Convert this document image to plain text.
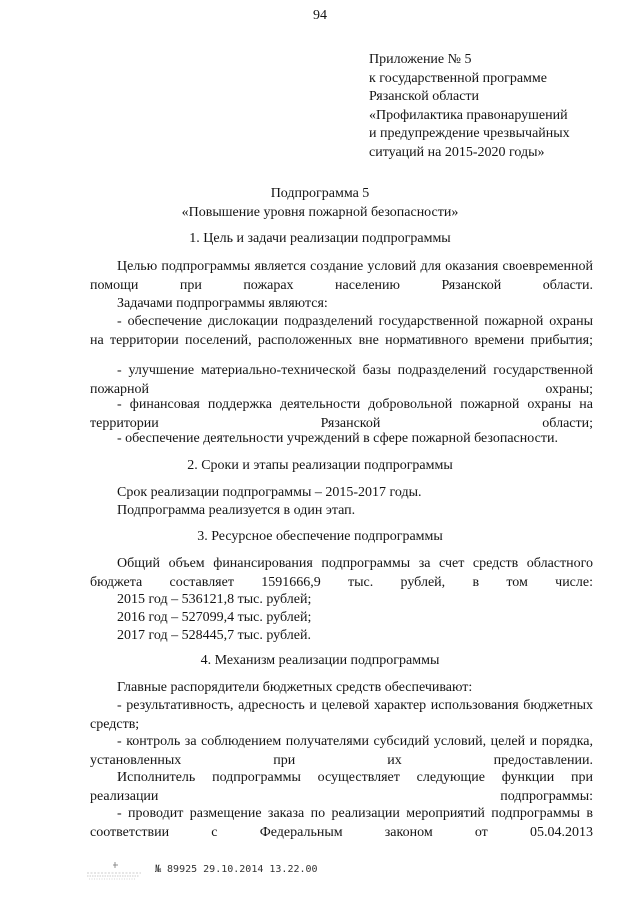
94
Приложение № 5
к государственной программе
Рязанской области
«Профилактика правонарушений
и предупреждение чрезвычайных
ситуаций на 2015-2020 годы»
Подпрограмма 5
«Повышение уровня пожарной безопасности»
1. Цель и задачи реализации подпрограммы
Целью подпрограммы является создание условий для оказания своевременной помощи при пожарах населению Рязанской области.
Задачами подпрограммы являются:
- обеспечение дислокации подразделений государственной пожарной охраны на территории поселений, расположенных вне нормативного времени прибытия;
- улучшение материально-технической базы подразделений государственной пожарной охраны;
- финансовая поддержка деятельности добровольной пожарной охраны на территории Рязанской области;
- обеспечение деятельности учреждений в сфере пожарной безопасности.
2. Сроки и этапы реализации подпрограммы
Срок реализации подпрограммы – 2015-2017 годы.
Подпрограмма реализуется в один этап.
3. Ресурсное обеспечение подпрограммы
Общий объем финансирования подпрограммы за счет средств областного бюджета составляет 1591666,9 тыс. рублей, в том числе:
2015 год – 536121,8 тыс. рублей;
2016 год – 527099,4 тыс. рублей;
2017 год – 528445,7 тыс. рублей.
4. Механизм реализации подпрограммы
Главные распорядители бюджетных средств обеспечивают:
- результативность, адресность и целевой характер использования бюджетных средств;
- контроль за соблюдением получателями субсидий условий, целей и порядка, установленных при их предоставлении.
Исполнитель подпрограммы осуществляет следующие функции при реализации подпрограммы:
- проводит размещение заказа по реализации мероприятий подпрограммы в соответствии с Федеральным законом от 05.04.2013
№ 89925 29.10.2014 13.22.00
